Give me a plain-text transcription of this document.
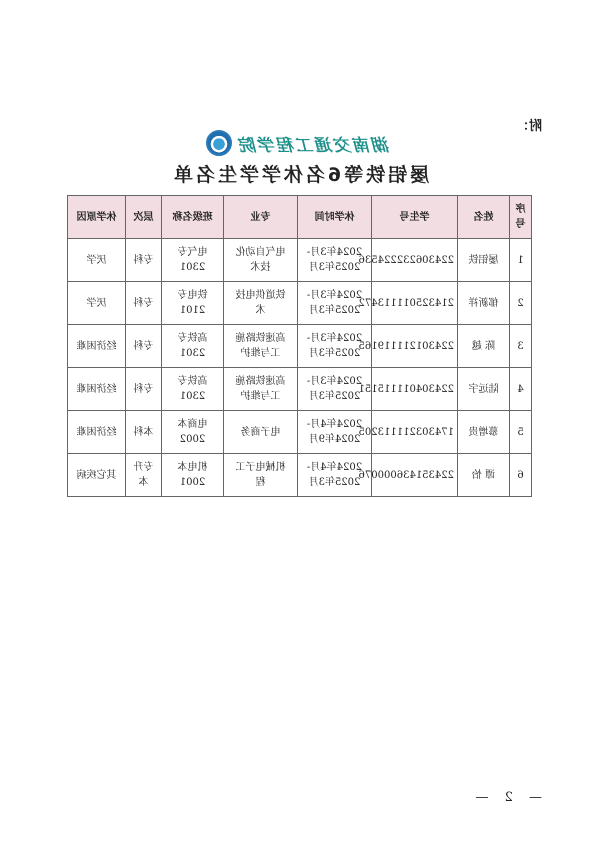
附：
湖南交通工程学院
屡铝铁等6名休学学生名单
序号	姓名	学生号	休学时间	专业	班级名称	层次	休学原因
1	屡铝铁	224306232224536	2024年3月-
2025年3月	电气自动化
技术	电气专
2301	专科	厌学
2	郁新祥	214325011113472	2024年3月-
2025年3月	铁道供电技
术	铁电专
2101	专科	厌学
3	陈 越	224301211119165	2024年3月-
2025年3月	高速铁路施
工与维护	高铁专
2301	专科	经济困难
4	陆远宇	224304011115151	2024年3月-
2025年3月	高速铁路施
工与维护	高铁专
2301	专科	经济困难
5	慕增贵	174303211113205	2024年4月-
2024年9月	电子商务	电商本
2002	本科	经济困难
6	谭 怡	224351436000076	2024年4月-
2025年3月	机械电子工
程	机电本
2001	专升本	其它疾病
— 2 —
